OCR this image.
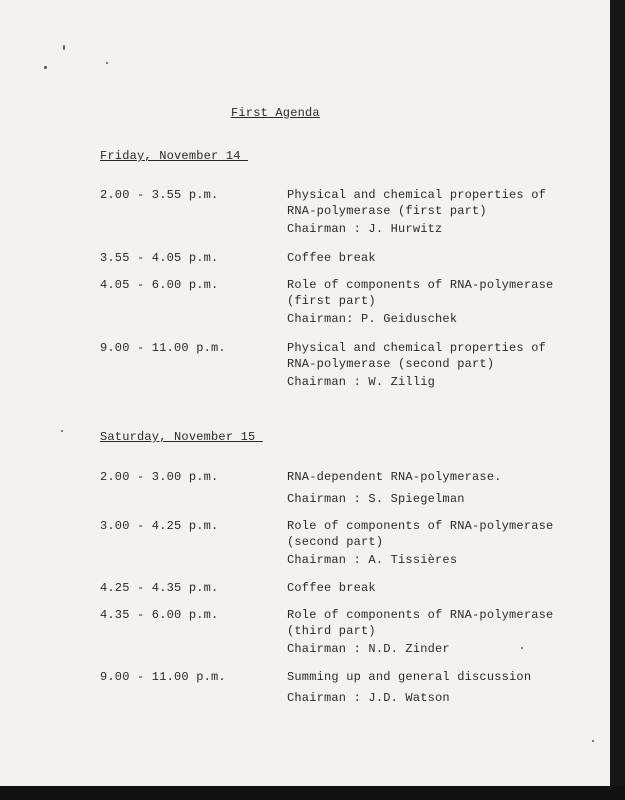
First Agenda
Friday, November 14
2.00 - 3.55 p.m.	Physical and chemical properties of RNA-polymerase (first part)
Chairman : J. Hurwitz
3.55 - 4.05 p.m.	Coffee break
4.05 - 6.00 p.m.	Role of components of RNA-polymerase (first part)
Chairman: P. Geiduschek
9.00 - 11.00 p.m.	Physical and chemical properties of RNA-polymerase (second part)
Chairman : W. Zillig
Saturday, November 15
2.00 - 3.00 p.m.	RNA-dependent RNA-polymerase.
Chairman : S. Spiegelman
3.00 - 4.25 p.m.	Role of components of RNA-polymerase (second part)
Chairman : A. Tissières
4.25 - 4.35 p.m.	Coffee break
4.35 - 6.00 p.m.	Role of components of RNA-polymerase (third part)
Chairman : N.D. Zinder
9.00 - 11.00 p.m.	Summing up and general discussion
Chairman : J.D. Watson
